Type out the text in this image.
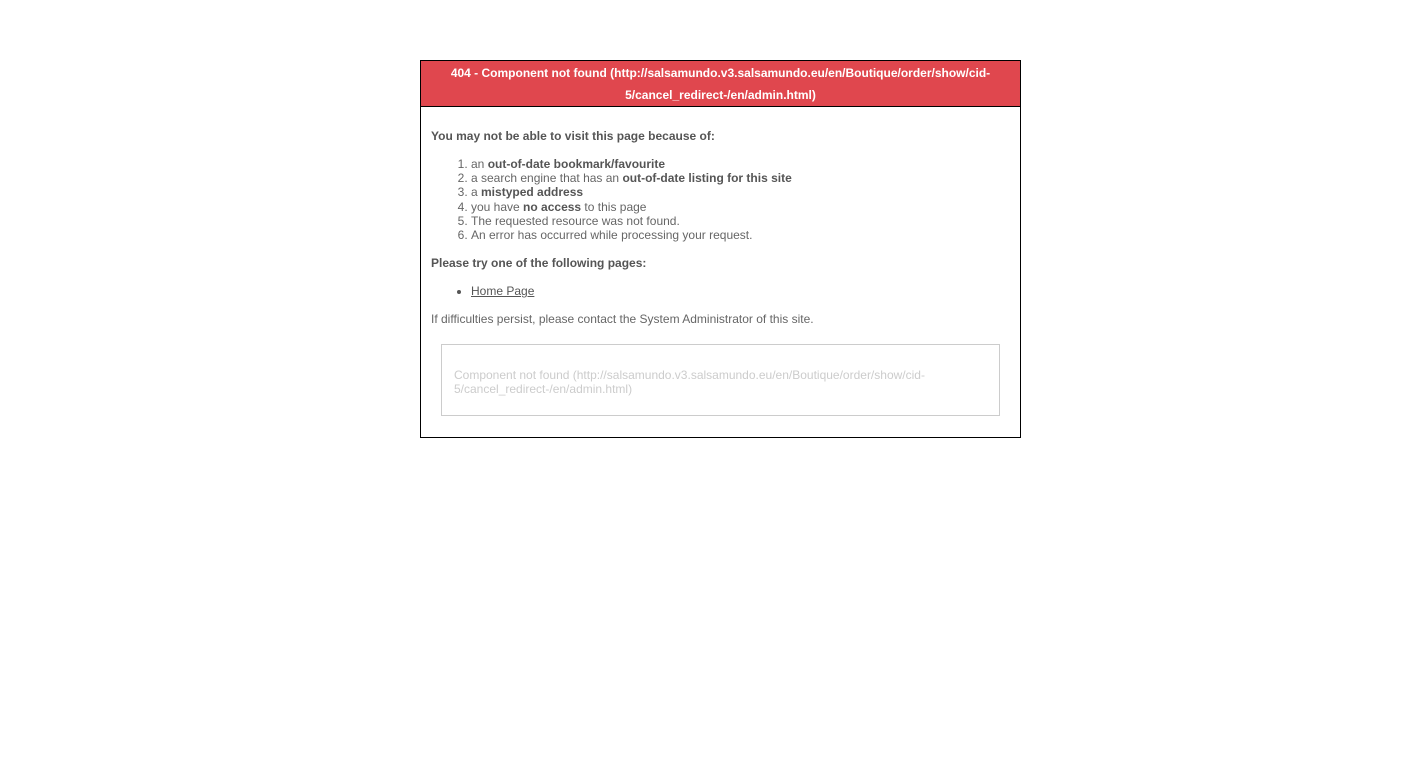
404 - Component not found (http://salsamundo.v3.salsamundo.eu/en/Boutique/order/show/cid-5/cancel_redirect-/en/admin.html)

You may not be able to visit this page because of:

1. an out-of-date bookmark/favourite
2. a search engine that has an out-of-date listing for this site
3. a mistyped address
4. you have no access to this page
5. The requested resource was not found.
6. An error has occurred while processing your request.

Please try one of the following pages:

• Home Page

If difficulties persist, please contact the System Administrator of this site.

Component not found (http://salsamundo.v3.salsamundo.eu/en/Boutique/order/show/cid-5/cancel_redirect-/en/admin.html)
